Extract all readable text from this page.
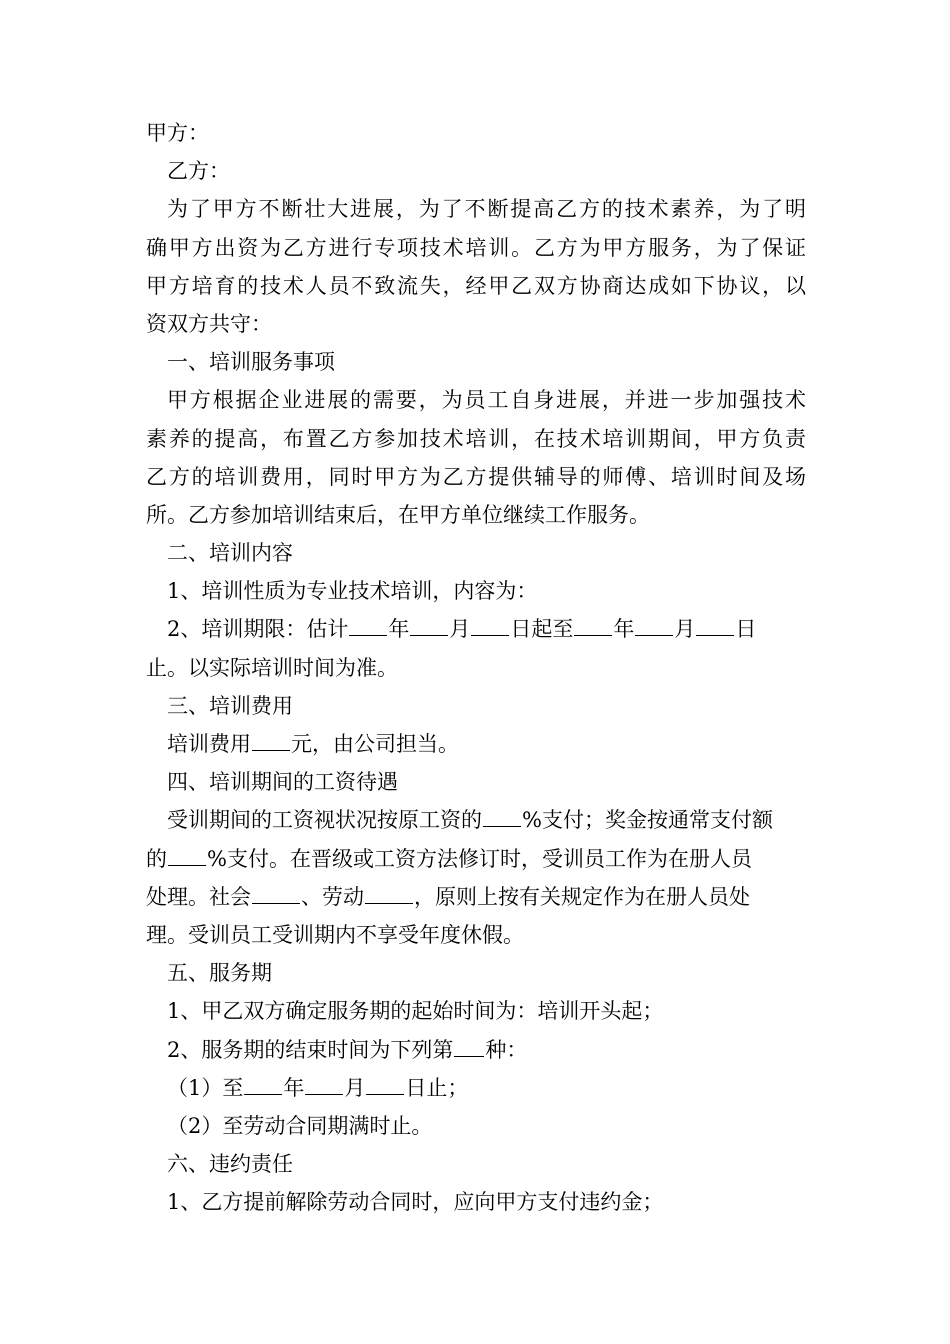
甲方：
乙方：
为了甲方不断壮大进展，为了不断提高乙方的技术素养，为了明
确甲方出资为乙方进行专项技术培训。乙方为甲方服务，为了保证
甲方培育的技术人员不致流失，经甲乙双方协商达成如下协议，以
资双方共守：
一、培训服务事项
甲方根据企业进展的需要，为员工自身进展，并进一步加强技术
素养的提高，布置乙方参加技术培训，在技术培训期间，甲方负责
乙方的培训费用，同时甲方为乙方提供辅导的师傅、培训时间及场
所。乙方参加培训结束后，在甲方单位继续工作服务。
二、培训内容
1、培训性质为专业技术培训，内容为：
2、培训期限：估计 年 月 日起至 年 月 日
止。以实际培训时间为准。
三、培训费用
培训费用 元，由公司担当。
四、培训期间的工资待遇
受训期间的工资视状况按原工资的 %支付；奖金按通常支付额
的 %支付。在晋级或工资方法修订时，受训员工作为在册人员
处理。社会 、劳动 ，原则上按有关规定作为在册人员处
理。受训员工受训期内不享受年度休假。
五、服务期
1、甲乙双方确定服务期的起始时间为：培训开头起；
2、服务期的结束时间为下列第 种：
（1）至 年 月 日止；
（2）至劳动合同期满时止。
六、违约责任
1、乙方提前解除劳动合同时，应向甲方支付违约金；
